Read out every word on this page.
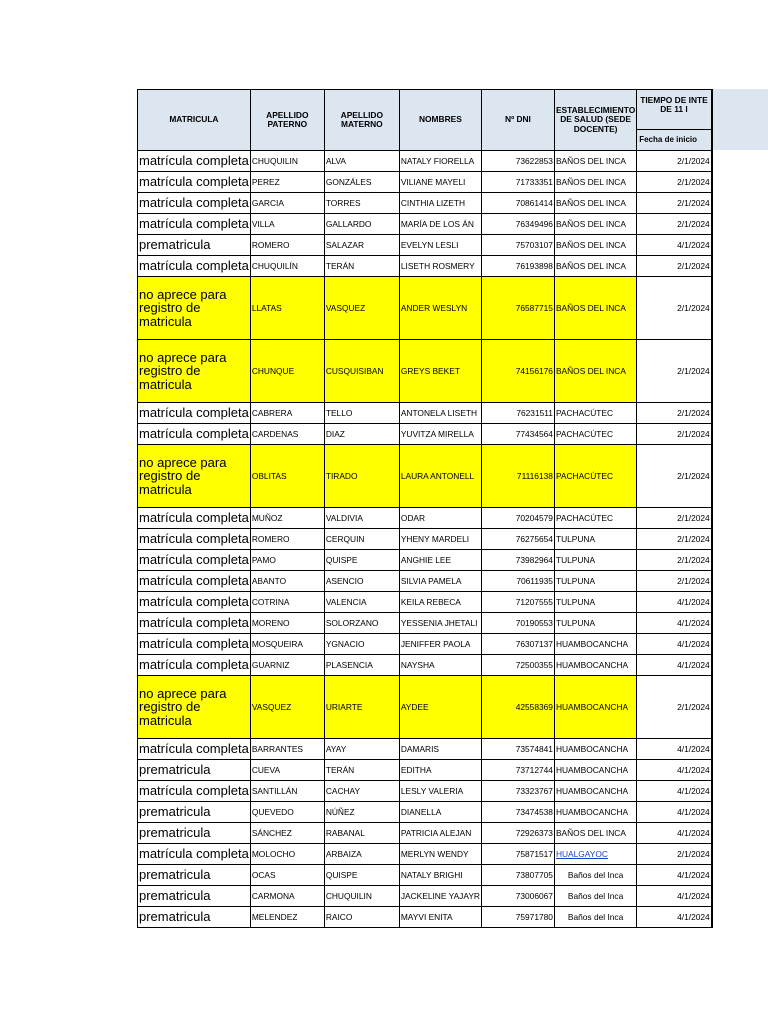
MATRICULA	APELLIDO PATERNO	APELLIDO MATERNO	NOMBRES	Nº DNI	ESTABLECIMIENTO DE SALUD (SEDE DOCENTE)	TIEMPO DE INTE DE 11 I
						Fecha de inicio
matrícula completa	CHUQUILIN	ALVA	NATALY FIORELLA	73622853	BAÑOS DEL INCA	2/1/2024
matrícula completa	PEREZ	GONZÁLES	VILIANE MAYELI	71733351	BAÑOS DEL INCA	2/1/2024
matrícula completa	GARCIA	TORRES	CINTHIA LIZETH	70861414	BAÑOS DEL INCA	2/1/2024
matrícula completa	VILLA	GALLARDO	MARÍA DE LOS ÁN	76349496	BAÑOS DEL INCA	2/1/2024
prematricula	ROMERO	SALAZAR	EVELYN LESLI	75703107	BAÑOS DEL INCA	4/1/2024
matrícula completa	CHUQUILÍN	TERÁN	LISETH ROSMERY	76193898	BAÑOS DEL INCA	2/1/2024
no aprece para registro de matricula	LLATAS	VASQUEZ	ANDER WESLYN	76587715	BAÑOS DEL INCA	2/1/2024
no aprece para registro de matricula	CHUNQUE	CUSQUISIBAN	GREYS BEKET	74156176	BAÑOS DEL INCA	2/1/2024
matrícula completa	CABRERA	TELLO	ANTONELA LISETH	76231511	PACHACÚTEC	2/1/2024
matrícula completa	CARDENAS	DIAZ	YUVITZA MIRELLA	77434564	PACHACÚTEC	2/1/2024
no aprece para registro de matricula	OBLITAS	TIRADO	LAURA ANTONELL	71116138	PACHACÚTEC	2/1/2024
matrícula completa	MUÑOZ	VALDIVIA	ODAR	70204579	PACHACÚTEC	2/1/2024
matrícula completa	ROMERO	CERQUIN	YHENY MARDELI	76275654	TULPUNA	2/1/2024
matrícula completa	PAMO	QUISPE	ANGHIE LEE	73982964	TULPUNA	2/1/2024
matrícula completa	ABANTO	ASENCIO	SILVIA PAMELA	70611935	TULPUNA	2/1/2024
matrícula completa	COTRINA	VALENCIA	KEILA REBECA	71207555	TULPUNA	4/1/2024
matrícula completa	MORENO	SOLORZANO	YESSENIA JHETALI	70190553	TULPUNA	4/1/2024
matrícula completa	MOSQUEIRA	YGNACIO	JENIFFER PAOLA	76307137	HUAMBOCANCHA	4/1/2024
matrícula completa	GUARNIZ	PLASENCIA	NAYSHA	72500355	HUAMBOCANCHA	4/1/2024
no aprece para registro de matricula	VASQUEZ	URIARTE	AYDEE	42558369	HUAMBOCANCHA	2/1/2024
matrícula completa	BARRANTES	AYAY	DAMARIS	73574841	HUAMBOCANCHA	4/1/2024
prematricula	CUEVA	TERÁN	EDITHA	73712744	HUAMBOCANCHA	4/1/2024
matrícula completa	SANTILLÁN	CACHAY	LESLY VALERIA	73323767	HUAMBOCANCHA	4/1/2024
prematricula	QUEVEDO	NÚÑEZ	DIANELLA	73474538	HUAMBOCANCHA	4/1/2024
prematricula	SÁNCHEZ	RABANAL	PATRICIA ALEJAN	72926373	BAÑOS DEL INCA	4/1/2024
matrícula completa	MOLOCHO	ARBAIZA	MERLYN WENDY	75871517	HUALGAYOC	2/1/2024
prematricula	OCAS	QUISPE	NATALY BRIGHI	73807705	Baños del Inca	4/1/2024
prematricula	CARMONA	CHUQUILIN	JACKELINE YAJAYR	73006067	Baños del Inca	4/1/2024
prematricula	MELENDEZ	RAICO	MAYVI ENITA	75971780	Baños del Inca	4/1/2024
